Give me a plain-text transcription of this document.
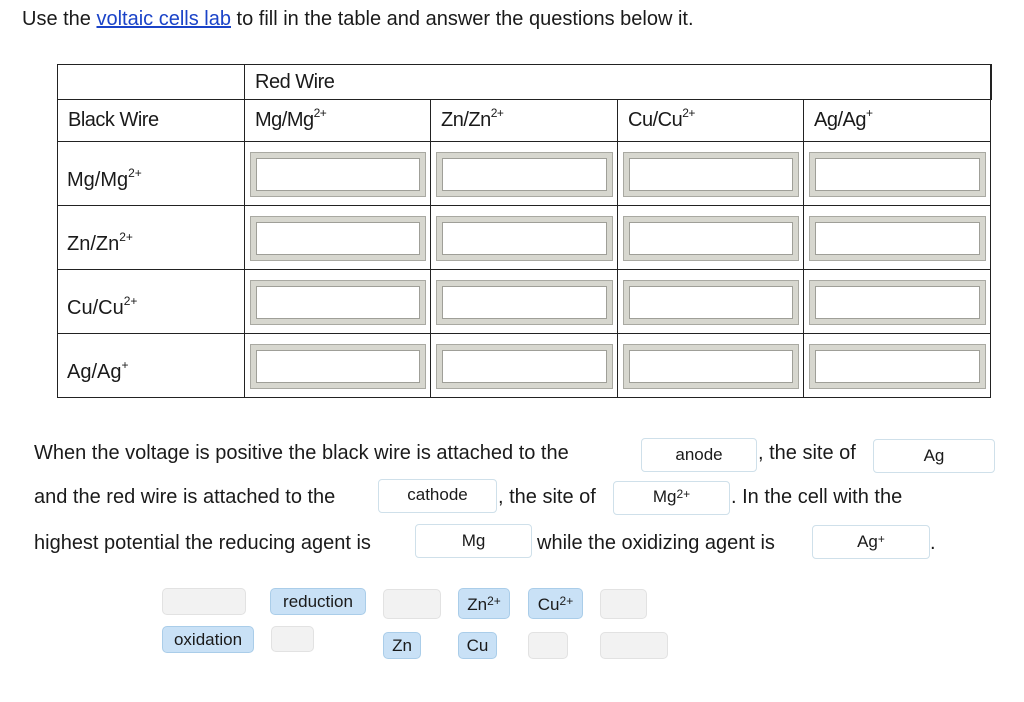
Use the voltaic cells lab to fill in the table and answer the questions below it.
	Red Wire			
Black Wire	$Mg/Mg^{2+}$	$Zn/Zn^{2+}$	$Cu/Cu^{2+}$	Ag/Ag+
$Mg/Mg^{2+}$	

$Zn/Zn^{2+}$	

$Cu/Cu^{2+}$	

Ag/Ag+	

When the voltage is positive the black wire is attached to the	anode	, the site of	Ag
and the red wire is attached to the	cathode	, the site of	$Mg^{2+}$	. In the cell with the
highest potential the reducing agent is	Mg	while the oxidizing agent is	Ag+	.
reduction	$Zn^{2+}$	$Cu^{2+}$
oxidation	Zn	Cu
